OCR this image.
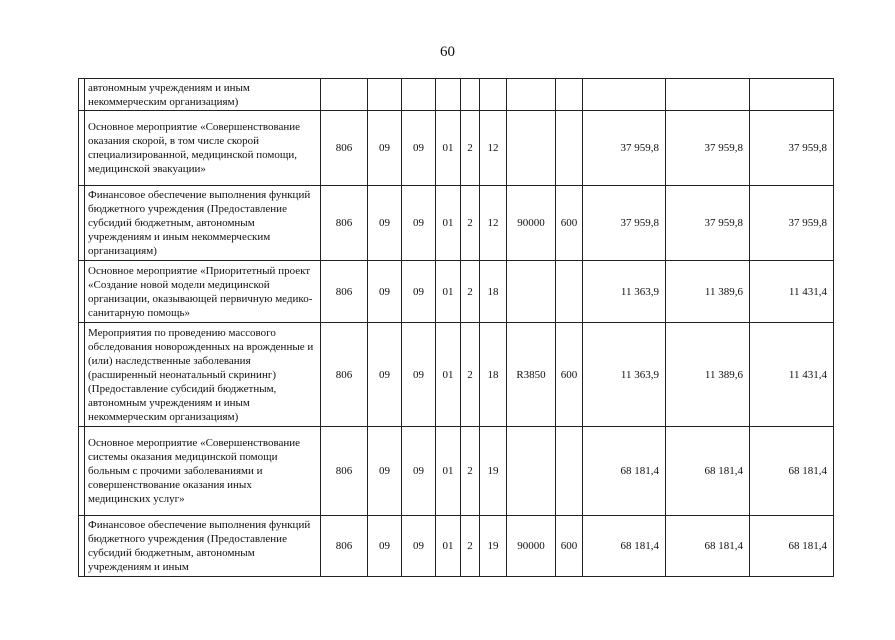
60
	автономным учреждениям и иным некоммерческим организациям)											
	Основное мероприятие «Совершенствование оказания скорой, в том числе скорой специализированной, медицинской помощи, медицинской эвакуации»	806	09	09	01	2	12			37 959,8	37 959,8	37 959,8
	Финансовое обеспечение выполнения функций бюджетного учреждения (Предоставление субсидий бюджетным, автономным учреждениям и иным некоммерческим организациям)	806	09	09	01	2	12	90000	600	37 959,8	37 959,8	37 959,8
	Основное мероприятие «Приоритетный проект «Создание новой модели медицинской организации, оказывающей первичную медико-санитарную помощь»	806	09	09	01	2	18			11 363,9	11 389,6	11 431,4
	Мероприятия по проведению массового обследования новорожденных на врожденные и (или) наследственные заболевания (расширенный неонатальный скрининг) (Предоставление субсидий бюджетным, автономным учреждениям и иным некоммерческим организациям)	806	09	09	01	2	18	R3850	600	11 363,9	11 389,6	11 431,4
	Основное мероприятие «Совершенствование системы оказания медицинской помощи больным с прочими заболеваниями и совершенствование оказания иных медицинских услуг»	806	09	09	01	2	19			68 181,4	68 181,4	68 181,4
	Финансовое обеспечение выполнения функций бюджетного учреждения (Предоставление субсидий бюджетным, автономным учреждениям и иным	806	09	09	01	2	19	90000	600	68 181,4	68 181,4	68 181,4
